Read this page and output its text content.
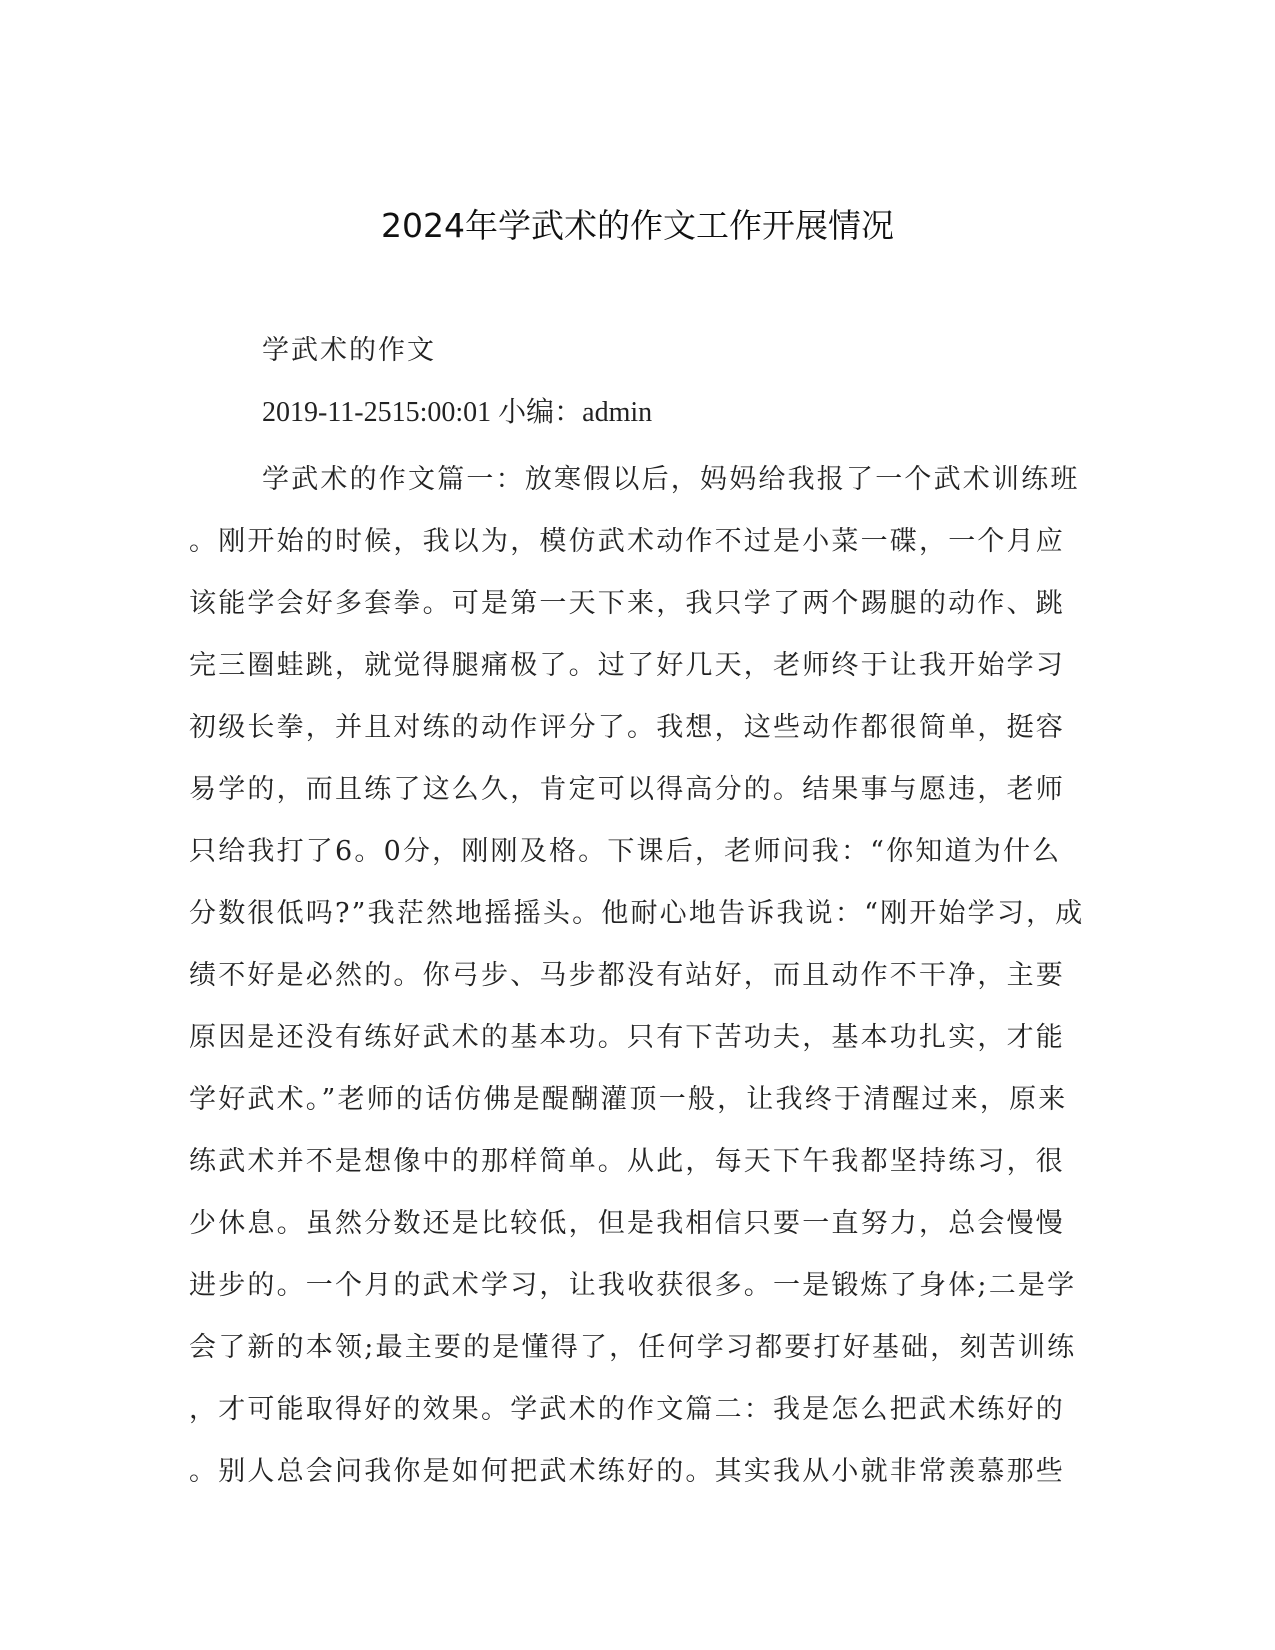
2024年学武术的作文工作开展情况
学武术的作文
2019-11-2515:00:01 小编：admin
学武术的作文篇一：放寒假以后，妈妈给我报了一个武术训练班
。刚开始的时候，我以为，模仿武术动作不过是小菜一碟，一个月应
该能学会好多套拳。可是第一天下来，我只学了两个踢腿的动作、跳
完三圈蛙跳，就觉得腿痛极了。过了好几天，老师终于让我开始学习
初级长拳，并且对练的动作评分了。我想，这些动作都很简单，挺容
易学的，而且练了这么久，肯定可以得高分的。结果事与愿违，老师
只给我打了6。0分，刚刚及格。下课后，老师问我：“你知道为什么
分数很低吗?”我茫然地摇摇头。他耐心地告诉我说：“刚开始学习，成
绩不好是必然的。你弓步、马步都没有站好，而且动作不干净，主要
原因是还没有练好武术的基本功。只有下苦功夫，基本功扎实，才能
学好武术。”老师的话仿佛是醍醐灌顶一般，让我终于清醒过来，原来
练武术并不是想像中的那样简单。从此，每天下午我都坚持练习，很
少休息。虽然分数还是比较低，但是我相信只要一直努力，总会慢慢
进步的。一个月的武术学习，让我收获很多。一是锻炼了身体;二是学
会了新的本领;最主要的是懂得了，任何学习都要打好基础，刻苦训练
，才可能取得好的效果。学武术的作文篇二：我是怎么把武术练好的
。别人总会问我你是如何把武术练好的。其实我从小就非常羡慕那些
